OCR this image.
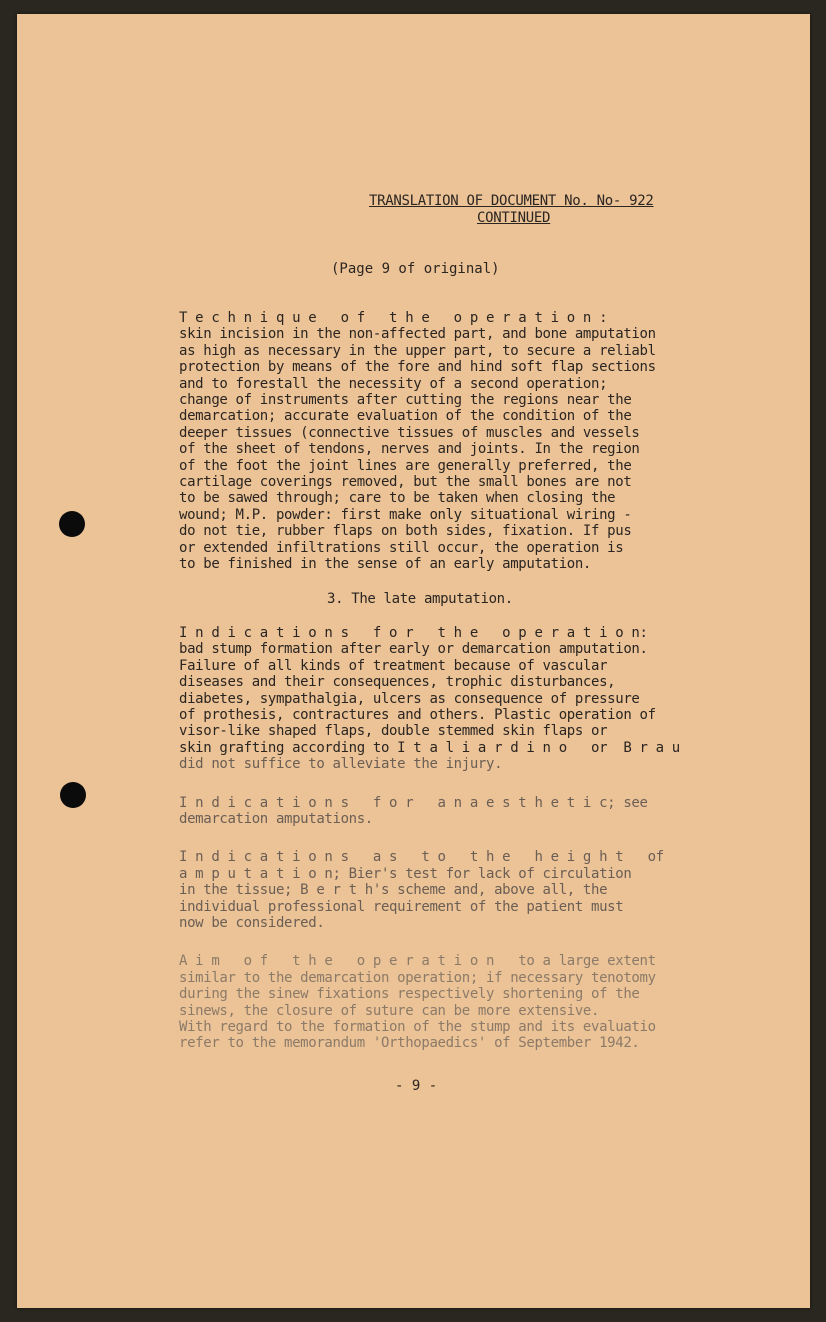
TRANSLATION OF DOCUMENT No. No- 922
CONTINUED
(Page 9 of original)

T e c h n i q u e   o f   t h e   o p e r a t i o n :

skin incision in the non-affected part, and bone amputation

as high as necessary in the upper part, to secure a reliabl

protection by means of the fore and hind soft flap sections

and to forestall the necessity of a second operation;

change of instruments after cutting the regions near the

demarcation; accurate evaluation of the condition of the

deeper tissues (connective tissues of muscles and vessels

of the sheet of tendons, nerves and joints. In the region

of the foot the joint lines are generally preferred, the

cartilage coverings removed, but the small bones are not

to be sawed through; care to be taken when closing the

wound; M.P. powder: first make only situational wiring -

do not tie, rubber flaps on both sides, fixation. If pus

or extended infiltrations still occur, the operation is

to be finished in the sense of an early amputation.

3. The late amputation.

I n d i c a t i o n s   f o r   t h e   o p e r a t i o n:

bad stump formation after early or demarcation amputation.

Failure of all kinds of treatment because of vascular

diseases and their consequences, trophic disturbances,

diabetes, sympathalgia, ulcers as consequence of pressure

of prothesis, contractures and others. Plastic operation of

visor-like shaped flaps, double stemmed skin flaps or

skin grafting according to I t a l i a r d i n o   or  B r a u

did not suffice to alleviate the injury.

I n d i c a t i o n s   f o r   a n a e s t h e t i c; see

demarcation amputations.

I n d i c a t i o n s   a s   t o   t h e   h e i g h t   of

a m p u t a t i o n; Bier's test for lack of circulation

in the tissue; B e r t h's scheme and, above all, the

individual professional requirement of the patient must

now be considered.

A i m   o f   t h e   o p e r a t i o n   to a large extent

similar to the demarcation operation; if necessary tenotomy

during the sinew fixations respectively shortening of the

sinews, the closure of suture can be more extensive.

With regard to the formation of the stump and its evaluatio

refer to the memorandum 'Orthopaedics' of September 1942.

- 9 -
